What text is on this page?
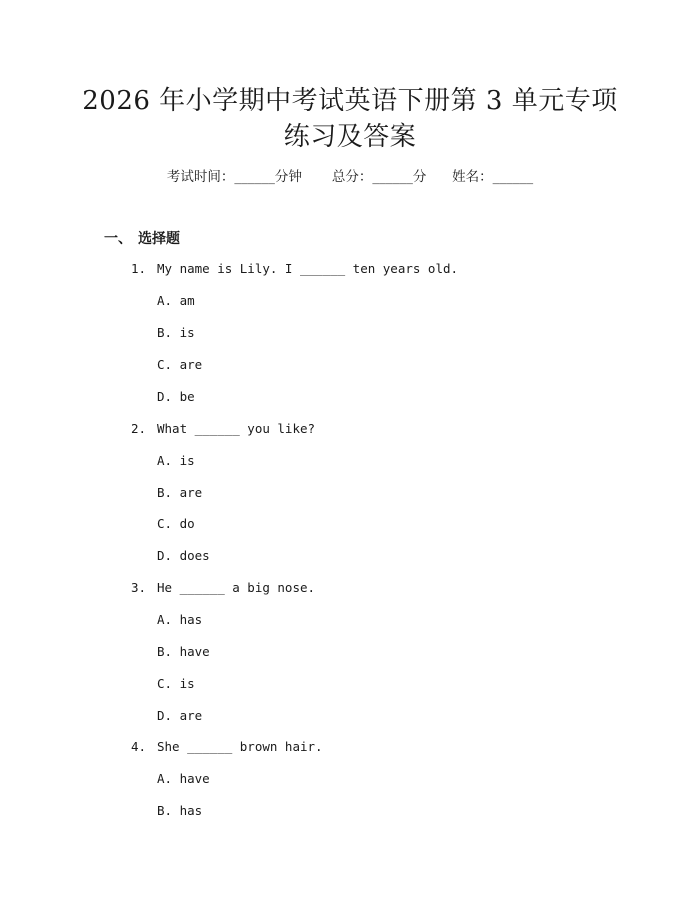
2026 年小学期中考试英语下册第 3 单元专项
练习及答案
考试时间：______分钟 总分：______分 姓名：______
一、 选择题
1. My name is Lily. I ______ ten years old.
A. am
B. is
C. are
D. be
2. What ______ you like?
A. is
B. are
C. do
D. does
3. He ______ a big nose.
A. has
B. have
C. is
D. are
4. She ______ brown hair.
A. have
B. has
